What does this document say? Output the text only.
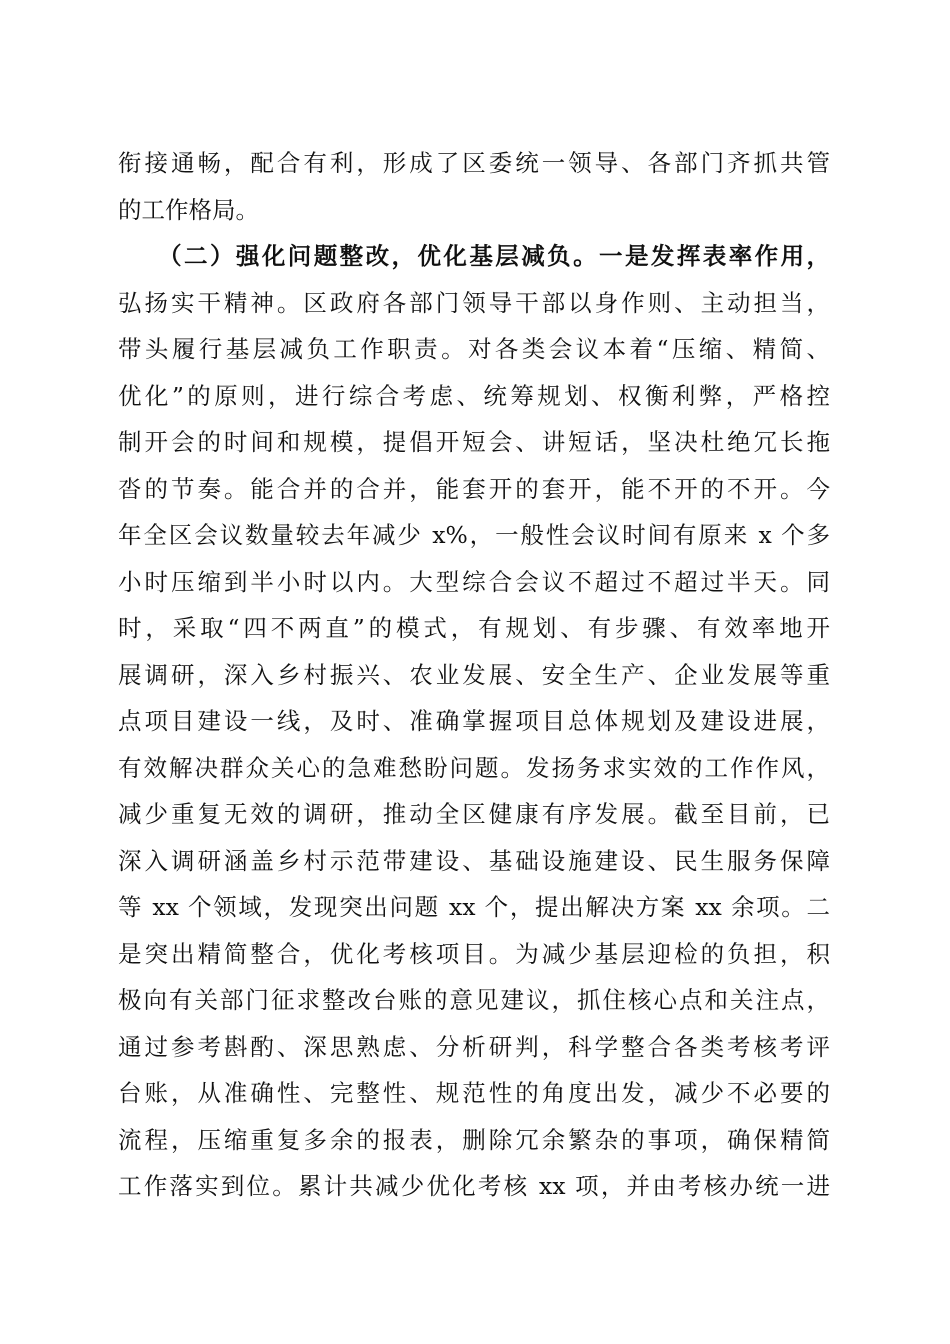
衔接通畅，配合有利，形成了区委统一领导、各部门齐抓共管
的工作格局。
　　（二）强化问题整改，优化基层减负。一是发挥表率作用，
弘扬实干精神。区政府各部门领导干部以身作则、主动担当，
带头履行基层减负工作职责。对各类会议本着“压缩、精简、
优化”的原则，进行综合考虑、统筹规划、权衡利弊，严格控
制开会的时间和规模，提倡开短会、讲短话，坚决杜绝冗长拖
沓的节奏。能合并的合并，能套开的套开，能不开的不开。今
年全区会议数量较去年减少 x%，一般性会议时间有原来 x 个多
小时压缩到半小时以内。大型综合会议不超过不超过半天。同
时，采取“四不两直”的模式，有规划、有步骤、有效率地开
展调研，深入乡村振兴、农业发展、安全生产、企业发展等重
点项目建设一线，及时、准确掌握项目总体规划及建设进展，
有效解决群众关心的急难愁盼问题。发扬务求实效的工作作风，
减少重复无效的调研，推动全区健康有序发展。截至目前，已
深入调研涵盖乡村示范带建设、基础设施建设、民生服务保障
等 xx 个领域，发现突出问题 xx 个，提出解决方案 xx 余项。二
是突出精简整合，优化考核项目。为减少基层迎检的负担，积
极向有关部门征求整改台账的意见建议，抓住核心点和关注点，
通过参考斟酌、深思熟虑、分析研判，科学整合各类考核考评
台账，从准确性、完整性、规范性的角度出发，减少不必要的
流程，压缩重复多余的报表，删除冗余繁杂的事项，确保精简
工作落实到位。累计共减少优化考核 xx 项，并由考核办统一进
